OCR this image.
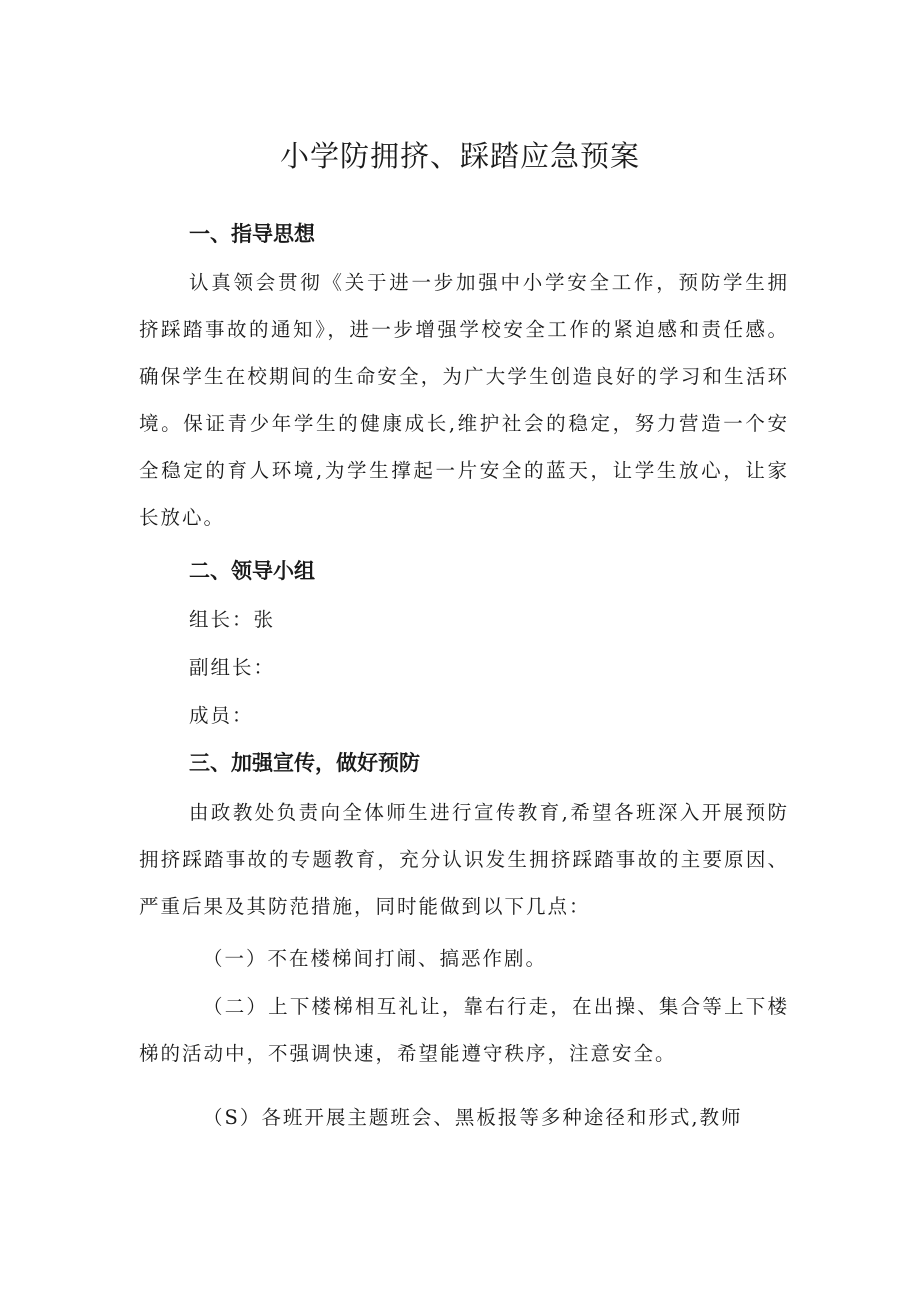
小学防拥挤、踩踏应急预案
一、指导思想

认真领会贯彻《关于进一步加强中小学安全工作，预防学生拥挤踩踏事故的通知》，进一步增强学校安全工作的紧迫感和责任感。确保学生在校期间的生命安全，为广大学生创造良好的学习和生活环境。保证青少年学生的健康成长,维护社会的稳定，努力营造一个安全稳定的育人环境,为学生撑起一片安全的蓝天，让学生放心，让家长放心。

二、领导小组

组长：张

副组长：

成员：

三、加强宣传，做好预防

由政教处负责向全体师生进行宣传教育,希望各班深入开展预防拥挤踩踏事故的专题教育，充分认识发生拥挤踩踏事故的主要原因、严重后果及其防范措施，同时能做到以下几点：

（一）不在楼梯间打闹、搞恶作剧。

（二）上下楼梯相互礼让，靠右行走，在出操、集合等上下楼梯的活动中，不强调快速，希望能遵守秩序，注意安全。

（S）各班开展主题班会、黑板报等多种途径和形式,教师
